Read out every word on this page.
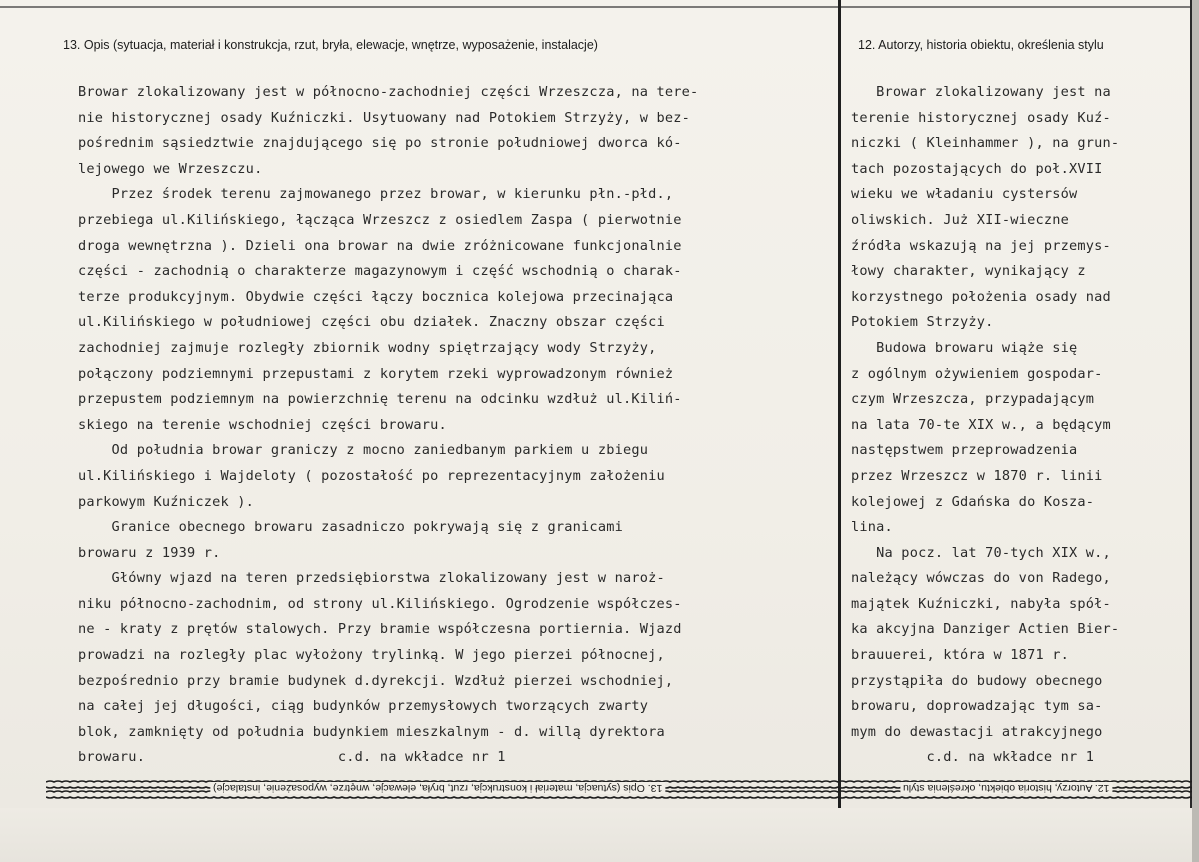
13. Opis (sytuacja, materiał i konstrukcja, rzut, bryła, elewacje, wnętrze, wyposażenie, instalacje)	12. Autorzy, historia obiektu, określenia stylu
Browar zlokalizowany jest w północno-zachodniej części Wrzeszcza, na tere-
nie historycznej osady Kuźniczki. Usytuowany nad Potokiem Strzyży, w bez-
pośrednim sąsiedztwie znajdującego się po stronie południowej dworca kó-
lejowego we Wrzeszczu.
Przez środek terenu zajmowanego przez browar, w kierunku płn.-płd.,
przebiega ul.Kilińskiego, łącząca Wrzeszcz z osiedlem Zaspa ( pierwotnie
droga wewnętrzna ). Dzieli ona browar na dwie zróżnicowane funkcjonalnie
części - zachodnią o charakterze magazynowym i część wschodnią o charak-
terze produkcyjnym. Obydwie części łączy bocznica kolejowa przecinająca
ul.Kilińskiego w południowej części obu działek. Znaczny obszar części
zachodniej zajmuje rozległy zbiornik wodny spiętrzający wody Strzyży,
połączony podziemnymi przepustami z korytem rzeki wyprowadzonym również
przepustem podziemnym na powierzchnię terenu na odcinku wzdłuż ul.Kiliń-
skiego na terenie wschodniej części browaru.
Od południa browar graniczy z mocno zaniedbanym parkiem u zbiegu
ul.Kilińskiego i Wajdeloty ( pozostałość po reprezentacyjnym założeniu
parkowym Kuźniczek ).
Granice obecnego browaru zasadniczo pokrywają się z granicami
browaru z 1939 r.
Główny wjazd na teren przedsiębiorstwa zlokalizowany jest w naroż-
niku północno-zachodnim, od strony ul.Kilińskiego. Ogrodzenie współczes-
ne - kraty z prętów stalowych. Przy bramie współczesna portiernia. Wjazd
prowadzi na rozległy plac wyłożony trylinką. W jego pierzei północnej,
bezpośrednio przy bramie budynek d.dyrekcji. Wzdłuż pierzei wschodniej,
na całej jej długości, ciąg budynków przemysłowych tworzących zwarty
blok, zamknięty od południa budynkiem mieszkalnym - d. willą dyrektora
browaru.                       c.d. na wkładce nr 1
Browar zlokalizowany jest na
terenie historycznej osady Kuź-
niczki ( Kleinhammer ), na grun-
tach pozostających do poł.XVII
wieku we władaniu cystersów
oliwskich. Już XII-wieczne
źródła wskazują na jej przemys-
łowy charakter, wynikający z
korzystnego położenia osady nad
Potokiem Strzyży.
Budowa browaru wiąże się
z ogólnym ożywieniem gospodar-
czym Wrzeszcza, przypadającym
na lata 70-te XIX w., a będącym
następstwem przeprowadzenia
przez Wrzeszcz w 1870 r. linii
kolejowej z Gdańska do Kosza-
lina.
Na pocz. lat 70-tych XIX w.,
należący wówczas do von Radego,
majątek Kuźniczki, nabyła spół-
ka akcyjna Danziger Actien Bier-
brauuerei, która w 1871 r.
przystąpiła do budowy obecnego
browaru, doprowadzając tym sa-
mym do dewastacji atrakcyjnego
c.d. na wkładce nr 1
13. Opis (sytuacja, materiał i konstrukcja, rzut, bryła, elewacje, wnętrze, wyposażenie, instalacje)	12. Autorzy, historia obiektu, określenia stylu
